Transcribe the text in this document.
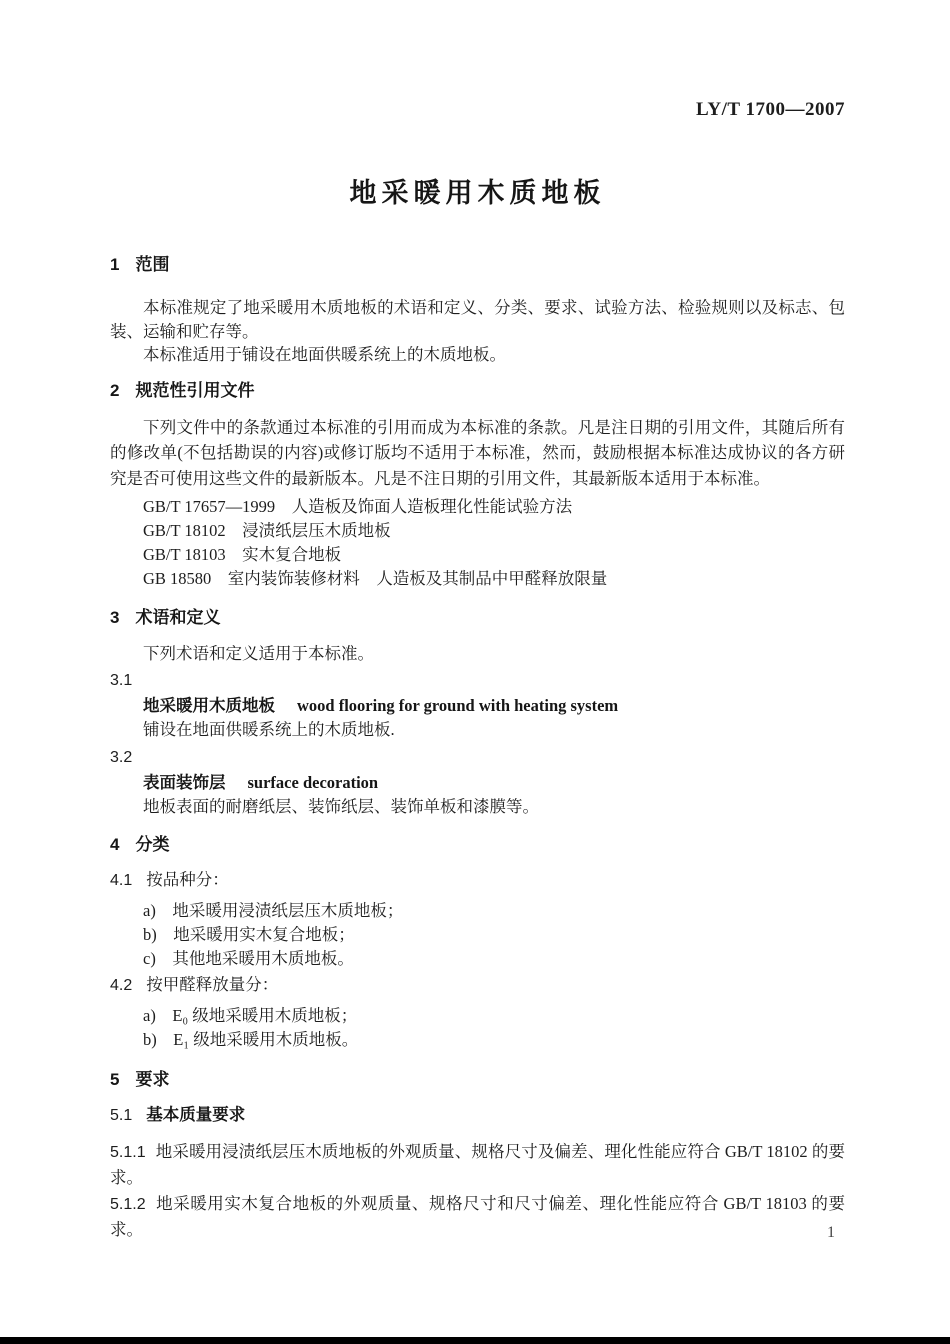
LY/T 1700—2007
地采暖用木质地板
1 范围

本标准规定了地采暖用木质地板的术语和定义、分类、要求、试验方法、检验规则以及标志、包装、运输和贮存等。

本标准适用于铺设在地面供暖系统上的木质地板。

2 规范性引用文件

下列文件中的条款通过本标准的引用而成为本标准的条款。凡是注日期的引用文件，其随后所有的修改单(不包括勘误的内容)或修订版均不适用于本标准，然而，鼓励根据本标准达成协议的各方研究是否可使用这些文件的最新版本。凡是不注日期的引用文件，其最新版本适用于本标准。

GB/T 17657—1999　人造板及饰面人造板理化性能试验方法

GB/T 18102　浸渍纸层压木质地板

GB/T 18103　实木复合地板

GB 18580　室内装饰装修材料　人造板及其制品中甲醛释放限量

3 术语和定义

下列术语和定义适用于本标准。

3.1

地采暖用木质地板 wood flooring for ground with heating system

铺设在地面供暖系统上的木质地板.

3.2

表面装饰层 surface decoration

地板表面的耐磨纸层、装饰纸层、装饰单板和漆膜等。

4 分类
4.1 按品种分：

a)　地采暖用浸渍纸层压木质地板；

b)　地采暖用实木复合地板；

c)　其他地采暖用木质地板。

4.2 按甲醛释放量分：

a)　E₀ 级地采暖用木质地板；

b)　E₁ 级地采暖用木质地板。

5 要求
5.1 基本质量要求

5.1.1 地采暖用浸渍纸层压木质地板的外观质量、规格尺寸及偏差、理化性能应符合 GB/T 18102 的要求。

5.1.2 地采暖用实木复合地板的外观质量、规格尺寸和尺寸偏差、理化性能应符合 GB/T 18103 的要求。	1
